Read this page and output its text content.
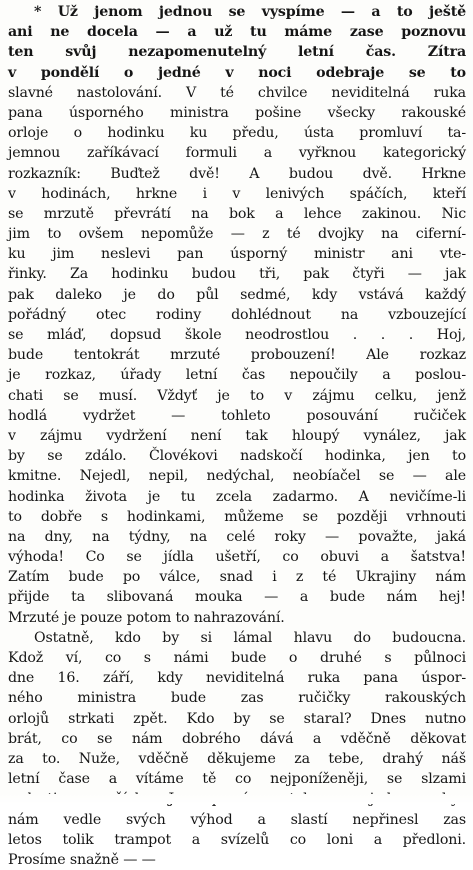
* Už jenom jednou se vyspíme — a to ještě
ani ne docela — a už tu máme zase poznovu
ten svůj nezapomenutelný letní čas. Zítra
v pondělí o jedné v noci odebraje se to
slavné nastolování. V té chvilce neviditelná ruka
pana úsporného ministra pošine všecky rakouské
orloje o hodinku ku předu, ústa promluví ta-
jemnou zaříkávací formuli a vyřknou kategorický
rozkazník: Buďtež dvě! A budou dvě. Hrkne
v hodinách, hrkne i v lenivých spáčích, kteří
se mrzutě převrátí na bok a lehce zakinou. Nic
jim to ovšem nepomůže — z té dvojky na ciferní-
ku jim neslevi pan úsporný ministr ani vte-
řinky. Za hodinku budou tři, pak čtyři — jak
pak daleko je do půl sedmé, kdy vstává každý
pořádný otec rodiny dohlédnout na vzbouzející
se mláď, dopsud škole neodrostlou . . . Hoj,
bude tentokrát mrzuté probouzení! Ale rozkaz
je rozkaz, úřady letní čas nepoučily a poslou-
chati se musí. Vždyť je to v zájmu celku, jenž
hodlá vydržet — tohleto posouvání ručiček
v zájmu vydržení není tak hloupý vynález, jak
by se zdálo. Človékovi nadskočí hodinka, jen to
kmitne. Nejedl, nepil, nedýchal, neobíačel se — ale
hodinka života je tu zcela zadarmo. A nevičíme-li
to dobře s hodinkami, můžeme se později vrhnouti
na dny, na týdny, na celé roky — považte, jaká
výhoda! Co se jídla ušetří, co obuvi a šatstva!
Zatím bude po válce, snad i z té Ukrajiny nám
přijde ta slibovaná mouka — a bude nám hej!
Mrzuté je pouze potom to nahrazování.
Ostatně, kdo by si lámal hlavu do budoucna.
Kdož ví, co s námi bude o druhé s půlnoci
dne 16. září, kdy neviditelná ruka pana úspor-
ného ministra bude zas ručičky rakouských
orlojů strkati zpět. Kdo by se staral? Dnes nutno
brát, co se nám dobrého dává a vděčně děkovat
za to. Nuže, vděčně děkujeme za tebe, drahý náš
letní čase a vítáme tě co nejponíženěji, se slzami
nám vedle svých výhod a slastí nepřinesl zas
letos tolik trampot a svízelů co loni a předloni.
Prosíme snažně — —
